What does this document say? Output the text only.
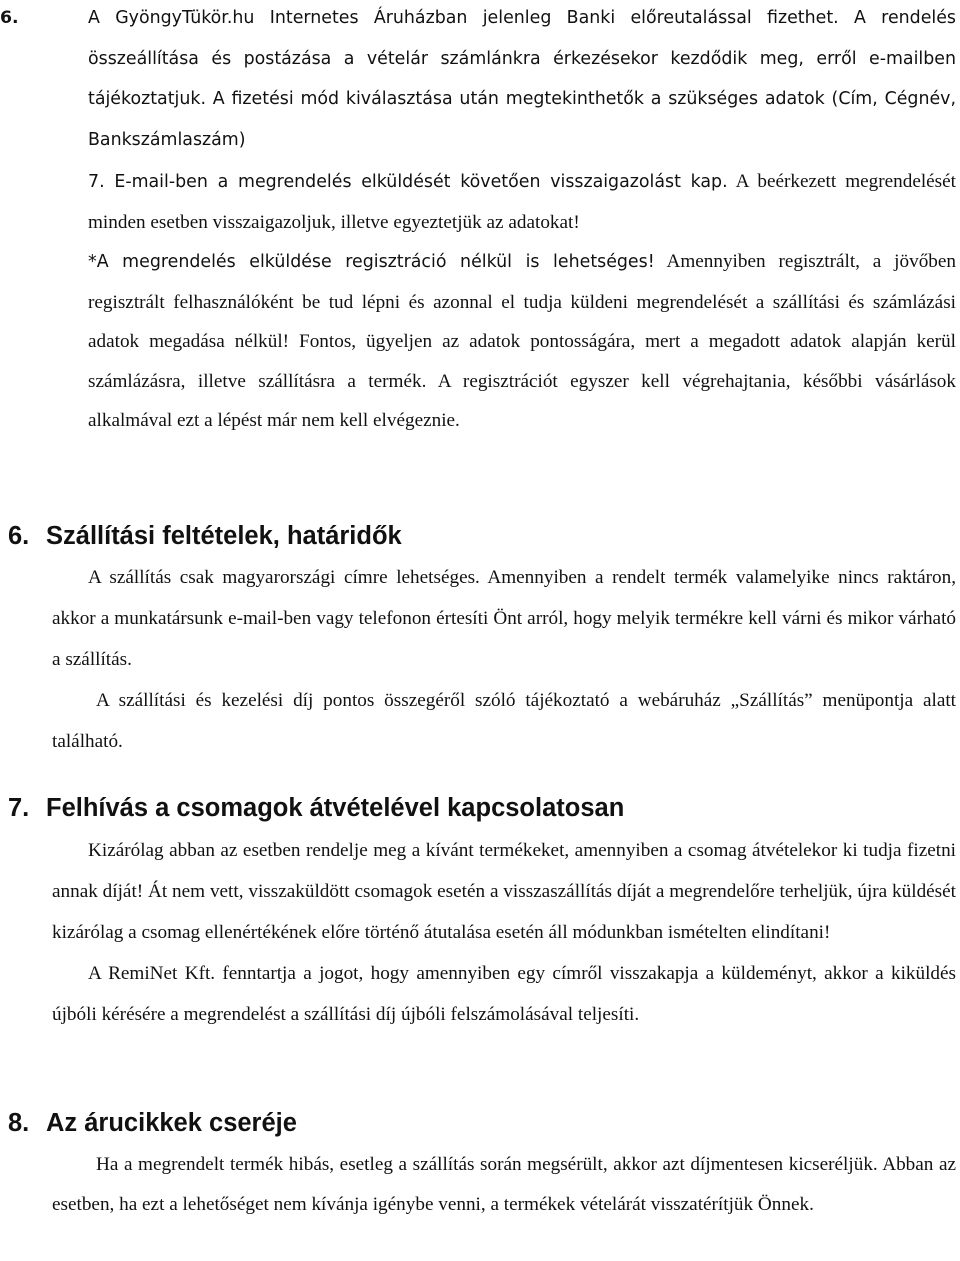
6.	A GyöngyTükör.hu Internetes Áruházban jelenleg Banki előreutalással fizethet. A rendelés összeállítása és postázása a vételár számlánkra érkezésekor kezdődik meg, erről e-mailben tájékoztatjuk. A fizetési mód kiválasztása után megtekinthetők a szükséges adatok (Cím, Cégnév, Bankszámlaszám)

7. E-mail-ben a megrendelés elküldését követően visszaigazolást kap. A beérkezett megrendelését minden esetben visszaigazoljuk, illetve egyeztetjük az adatokat!

*A megrendelés elküldése regisztráció nélkül is lehetséges! Amennyiben regisztrált, a jövőben regisztrált felhasználóként be tud lépni és azonnal el tudja küldeni megrendelését a szállítási és számlázási adatok megadása nélkül! Fontos, ügyeljen az adatok pontosságára, mert a megadott adatok alapján kerül számlázásra, illetve szállításra a termék. A regisztrációt egyszer kell végrehajtania, későbbi vásárlások alkalmával ezt a lépést már nem kell elvégeznie.

6. Szállítási feltételek, határidők

A szállítás csak magyarországi címre lehetséges. Amennyiben a rendelt termék valamelyike nincs raktáron, akkor a munkatársunk e-mail-ben vagy telefonon értesíti Önt arról, hogy melyik termékre kell várni és mikor várható a szállítás.

A szállítási és kezelési díj pontos összegéről szóló tájékoztató a webáruház „Szállítás” menüpontja alatt található.

7. Felhívás a csomagok átvételével kapcsolatosan

Kizárólag abban az esetben rendelje meg a kívánt termékeket, amennyiben a csomag átvételekor ki tudja fizetni annak díját! Át nem vett, visszaküldött csomagok esetén a visszaszállítás díját a megrendelőre terheljük, újra küldését kizárólag a csomag ellenértékének előre történő átutalása esetén áll módunkban ismételten elindítani!

A RemiNet Kft. fenntartja a jogot, hogy amennyiben egy címről visszakapja a küldeményt, akkor a kiküldés újbóli kérésére a megrendelést a szállítási díj újbóli felszámolásával teljesíti.

8. Az árucikkek cseréje

Ha a megrendelt termék hibás, esetleg a szállítás során megsérült, akkor azt díjmentesen kicseréljük. Abban az esetben, ha ezt a lehetőséget nem kívánja igénybe venni, a termékek vételárát visszatérítjük Önnek.
